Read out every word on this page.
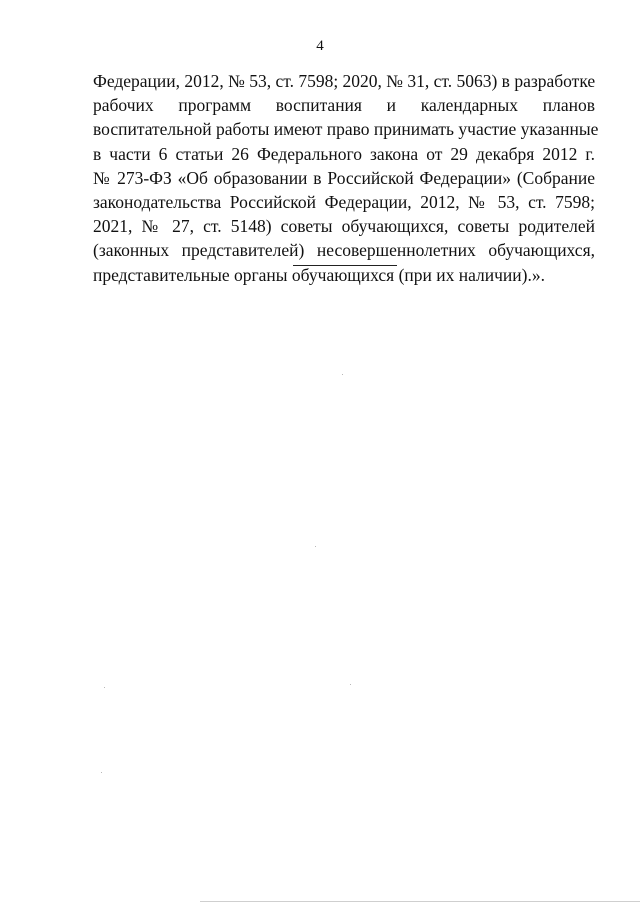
4
Федерации, 2012, № 53, ст. 7598; 2020, № 31, ст. 5063) в разработке
рабочих программ воспитания и календарных планов
воспитательной работы имеют право принимать участие указанные
в части 6 статьи 26 Федерального закона от 29 декабря 2012 г.
№ 273-ФЗ «Об образовании в Российской Федерации» (Собрание
законодательства Российской Федерации, 2012, № 53, ст. 7598;
2021, № 27, ст. 5148) советы обучающихся, советы родителей
(законных представителей) несовершеннолетних обучающихся,
представительные органы обучающихся (при их наличии).».
